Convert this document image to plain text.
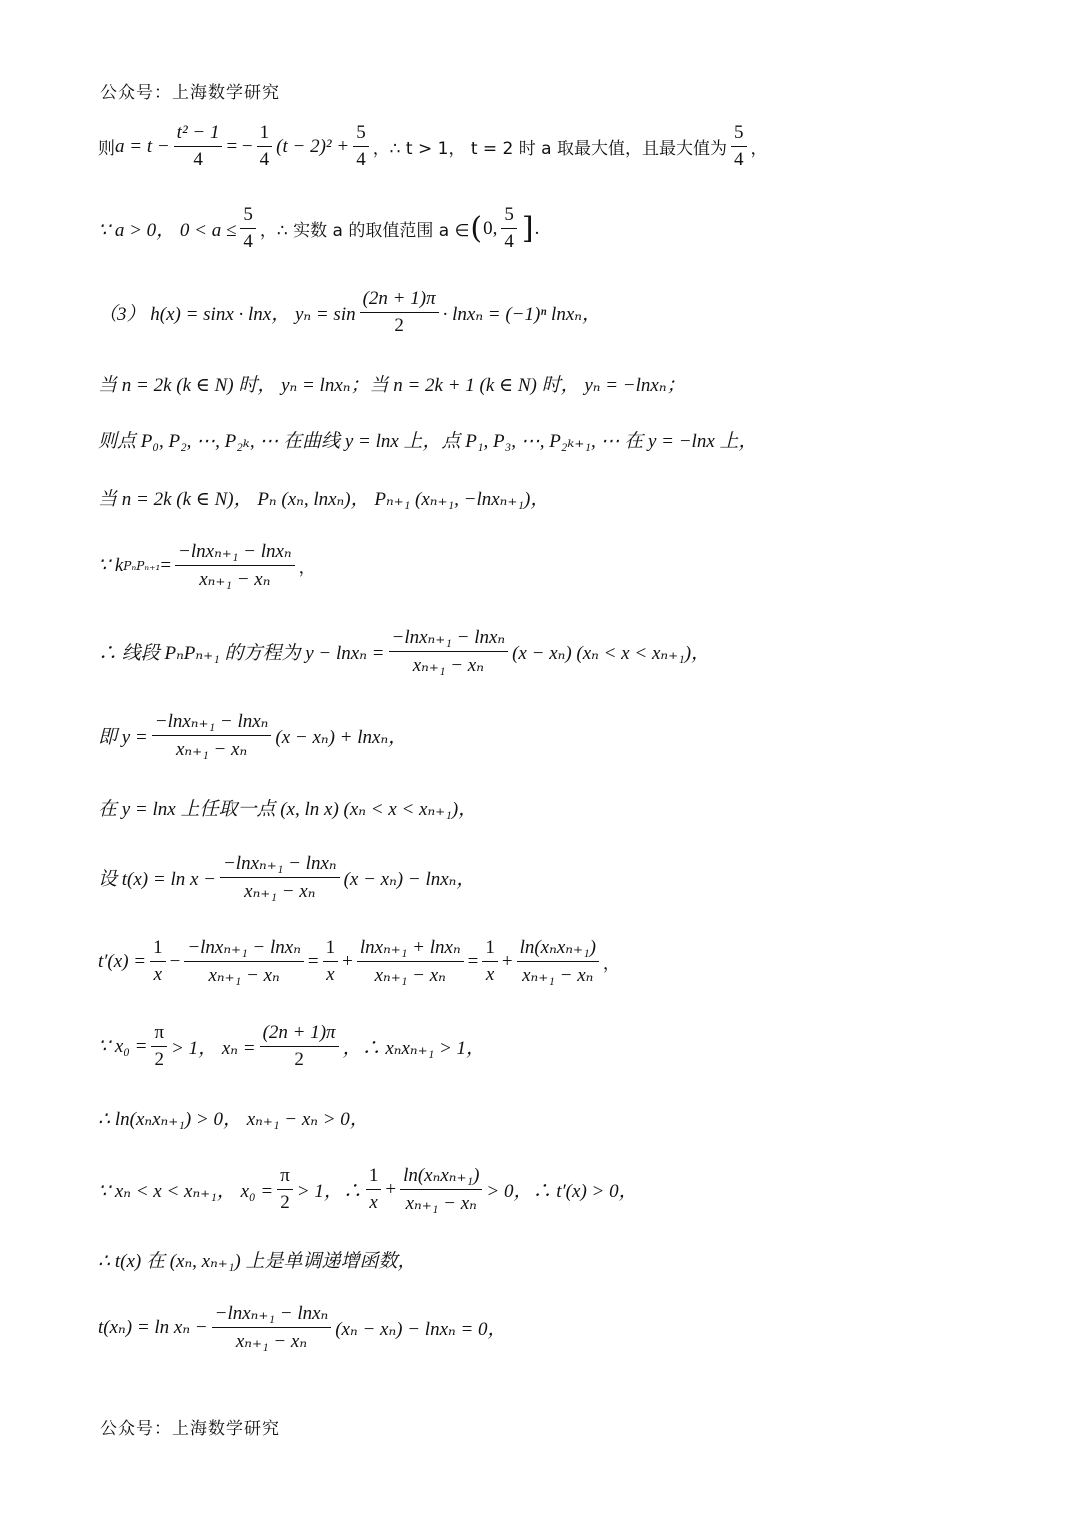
公众号：上海数学研究
则 $a = t - \frac{\text{t² − 1}}{4}$ = − $\frac{1}{4} (t - 2)^2 + \frac{5}{4}$ ，∴ t > 1， t = 2 时 a 取最大值，且最大值为 $\frac{5}{4}$ ，
∵ a > 0， $0 < a \le \frac{5}{4}$ ，∴ 实数 a 的取值范围 a ∈ ( 0, $\frac{5}{4}$ ] .
（3） h(x) = sinx · lnx， $y_n = \sin \frac{(2n + 1)\pi}{2} \cdot \ln x_n = (-1)^n$ lnxₙ，
当 n = 2k (k ∈ N) 时， yₙ = lnxₙ；当 n = 2k + 1 (k ∈ N) 时， yₙ = −lnxₙ；
则点 P₀, P₂, ⋯, P₂ₖ, ⋯ 在曲线 y = lnx 上，点 P₁, P₃, ⋯, P₂ₖ₊₁, ⋯ 在 y = −lnx 上，
当 n = 2k (k ∈ N)， Pₙ (xₙ, lnxₙ)， Pₙ₊₁ (xₙ₊₁, −lnxₙ₊₁)，
∵ k $P_nP_{n+1} = \frac{\text{−lnxₙ₊₁ − lnxₙ}}{\text{xₙ₊₁ − xₙ}}$ ，
∴ 线段 PₙPₙ₊₁ 的方程为 $y - \ln x_n = \frac{\text{−lnxₙ₊₁ − lnxₙ}}{\text{xₙ₊₁ − xₙ}} (x - x_n) (x_n < x < x_{n+1})$，
即 $y = \frac{\text{−lnxₙ₊₁ − lnxₙ}}{\text{xₙ₊₁ − xₙ}} (x - x_n) + \ln x_n$，
在 y = lnx 上任取一点 (x, ln x) (xₙ < x < xₙ₊₁)，
设 $t(x) = \ln x - \frac{\text{−lnxₙ₊₁ − lnxₙ}}{\text{xₙ₊₁ − xₙ}} (x - x_n) - \ln x_n$，
$t'(x) = \frac{1}{x} - \frac{\text{−lnxₙ₊₁ − lnxₙ}}{\text{xₙ₊₁ − xₙ}} = \frac{1}{x} + \frac{\text{lnxₙ₊₁ + lnxₙ}}{\text{xₙ₊₁ − xₙ}} = \frac{1}{x} + \frac{\text{ln(xₙxₙ₊₁)}}{\text{xₙ₊₁ − xₙ}}$ ，
∵ $x_0 = \frac{\pi}{2} > 1$， $x_n = \frac{(2n + 1)\pi}{2}$ ，∴ xₙxₙ₊₁ > 1，
∴ ln(xₙxₙ₊₁) > 0， xₙ₊₁ − xₙ > 0，
∵ xₙ < x < xₙ₊₁， $x_0 = \frac{\pi}{2} > 1$，∴ $\frac{1}{x} + \frac{\text{ln(xₙxₙ₊₁)}}{\text{xₙ₊₁ − xₙ}} > 0$，∴ t′(x) > 0，
∴ t(x) 在 (xₙ, xₙ₊₁) 上是单调递增函数，
$t(x_n) = \ln x_n - \frac{\text{−lnxₙ₊₁ − lnxₙ}}{\text{xₙ₊₁ − xₙ}} (x_n - x_n) - \ln x_n = 0$，
公众号：上海数学研究
